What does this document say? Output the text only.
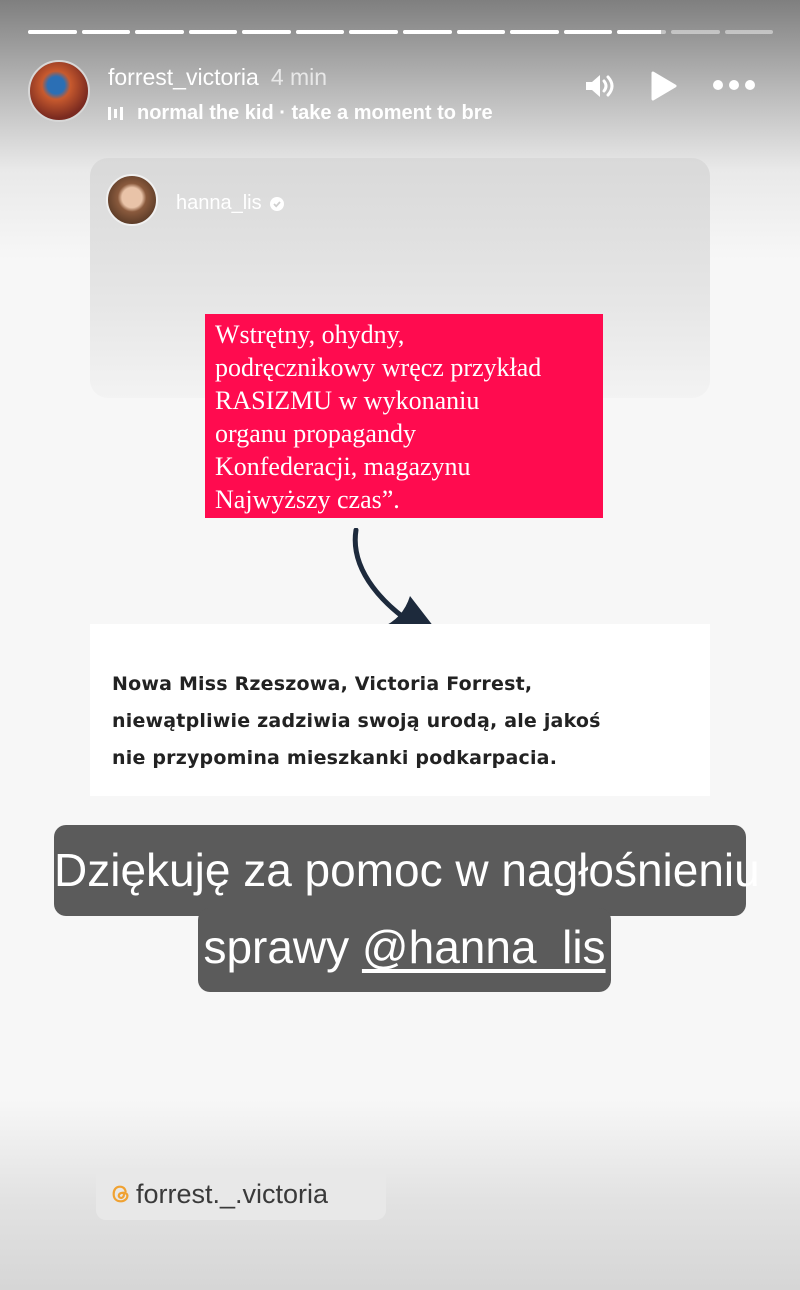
forrest_victoria 4 min
normal the kid · take a moment to bre
hanna_lis

Wstrętny, ohydny,
podręcznikowy wręcz przykład
RASIZMU w wykonaniu
organu propagandy
Konfederacji, magazynu
Najwyższy czas”.

Nowa Miss Rzeszowa, Victoria Forrest,
niewątpliwie zadziwia swoją urodą, ale jakoś
nie przypomina mieszkanki podkarpacia.

Dziękuję za pomoc w nagłośnieniu
sprawy @hanna_lis
forrest._.victoria
